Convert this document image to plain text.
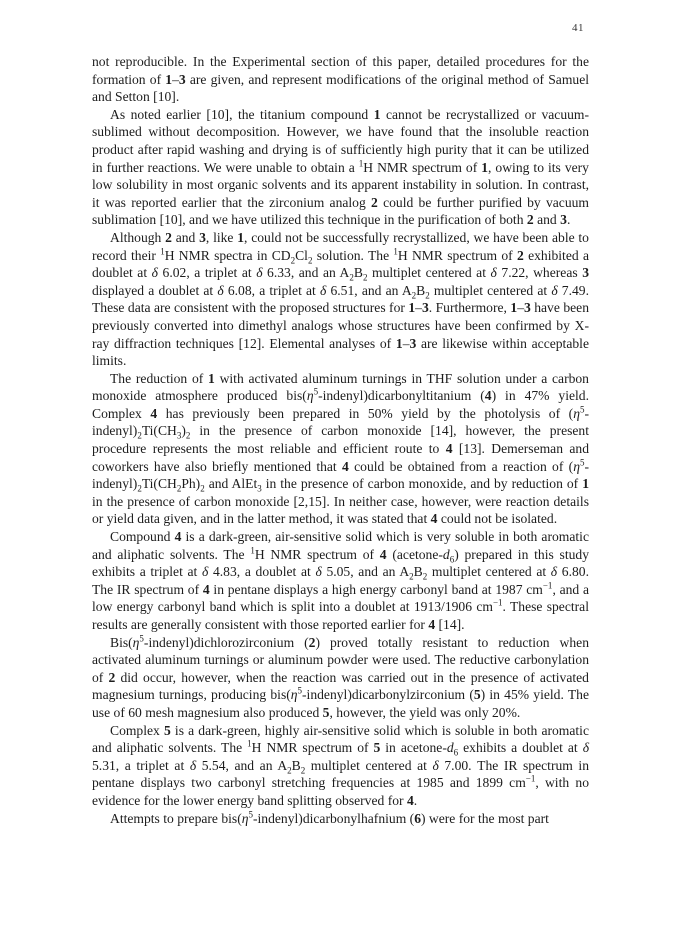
41

not reproducible. In the Experimental section of this paper, detailed procedures for the formation of 1–3 are given, and represent modifications of the original method of Samuel and Setton [10].

As noted earlier [10], the titanium compound 1 cannot be recrystallized or vacuum-sublimed without decomposition. However, we have found that the insoluble reaction product after rapid washing and drying is of sufficiently high purity that it can be utilized in further reactions. We were unable to obtain a $^1$H NMR spectrum of 1, owing to its very low solubility in most organic solvents and its apparent instability in solution. In contrast, it was reported earlier that the zirconium analog 2 could be further purified by vacuum sublimation [10], and we have utilized this technique in the purification of both 2 and 3.

Although 2 and 3, like 1, could not be successfully recrystallized, we have been able to record their $^1$H NMR spectra in $CD_2Cl_2$ solution. The $^1$H NMR spectrum of 2 exhibited a doublet at δ 6.02, a triplet at δ 6.33, and an $A_2B_2$ multiplet centered at δ 7.22, whereas 3 displayed a doublet at δ 6.08, a triplet at δ 6.51, and an $A_2B_2$ multiplet centered at δ 7.49. These data are consistent with the proposed structures for 1–3. Furthermore, 1–3 have been previously converted into dimethyl analogs whose structures have been confirmed by X-ray diffraction techniques [12]. Elemental analyses of 1–3 are likewise within acceptable limits.

The reduction of 1 with activated aluminum turnings in THF solution under a carbon monoxide atmosphere produced $bis(\eta^5-indenyl)dicarbonyltitanium$ (4) in 47% yield. Complex 4 has previously been prepared in 50% yield by the photolysis of $(\eta^5-indenyl)_2Ti(CH_3)_2$ in the presence of carbon monoxide [14], however, the present procedure represents the most reliable and efficient route to 4 [13]. Demerseman and coworkers have also briefly mentioned that 4 could be obtained from a reaction of $(\eta^5-indenyl)_2Ti(CH_2Ph)_2$ and AlEt$_3$ in the presence of carbon monoxide, and by reduction of 1 in the presence of carbon monoxide [2,15]. In neither case, however, were reaction details or yield data given, and in the latter method, it was stated that 4 could not be isolated.

Compound 4 is a dark-green, air-sensitive solid which is very soluble in both aromatic and aliphatic solvents. The $^1$H NMR spectrum of 4 $(acetone-d_6)$ prepared in this study exhibits a triplet at δ 4.83, a doublet at δ 5.05, and an $A_2B_2$ multiplet centered at δ 6.80. The IR spectrum of 4 in pentane displays a high energy carbonyl band at 1987 $cm^{-1}$, and a low energy carbonyl band which is split into a doublet at 1913/1906 $cm^{-1}$. These spectral results are generally consistent with those reported earlier for 4 [14].

$Bis(\eta^5-indenyl)dichlorozirconium$ (2) proved totally resistant to reduction when activated aluminum turnings or aluminum powder were used. The reductive carbonylation of 2 did occur, however, when the reaction was carried out in the presence of activated magnesium turnings, producing $bis(\eta^5-indenyl)dicarbonylzirconium$ (5) in 45% yield. The use of 60 mesh magnesium also produced 5, however, the yield was only 20%.

Complex 5 is a dark-green, highly air-sensitive solid which is soluble in both aromatic and aliphatic solvents. The $^1$H NMR spectrum of 5 in acetone-$d_6$ exhibits a doublet at δ 5.31, a triplet at δ 5.54, and an $A_2B_2$ multiplet centered at δ 7.00. The IR spectrum in pentane displays two carbonyl stretching frequencies at 1985 and 1899 $cm^{-1}$, with no evidence for the lower energy band splitting observed for 4.

Attempts to prepare $bis(\eta^5-indenyl)dicarbonylhafnium$ (6) were for the most part
